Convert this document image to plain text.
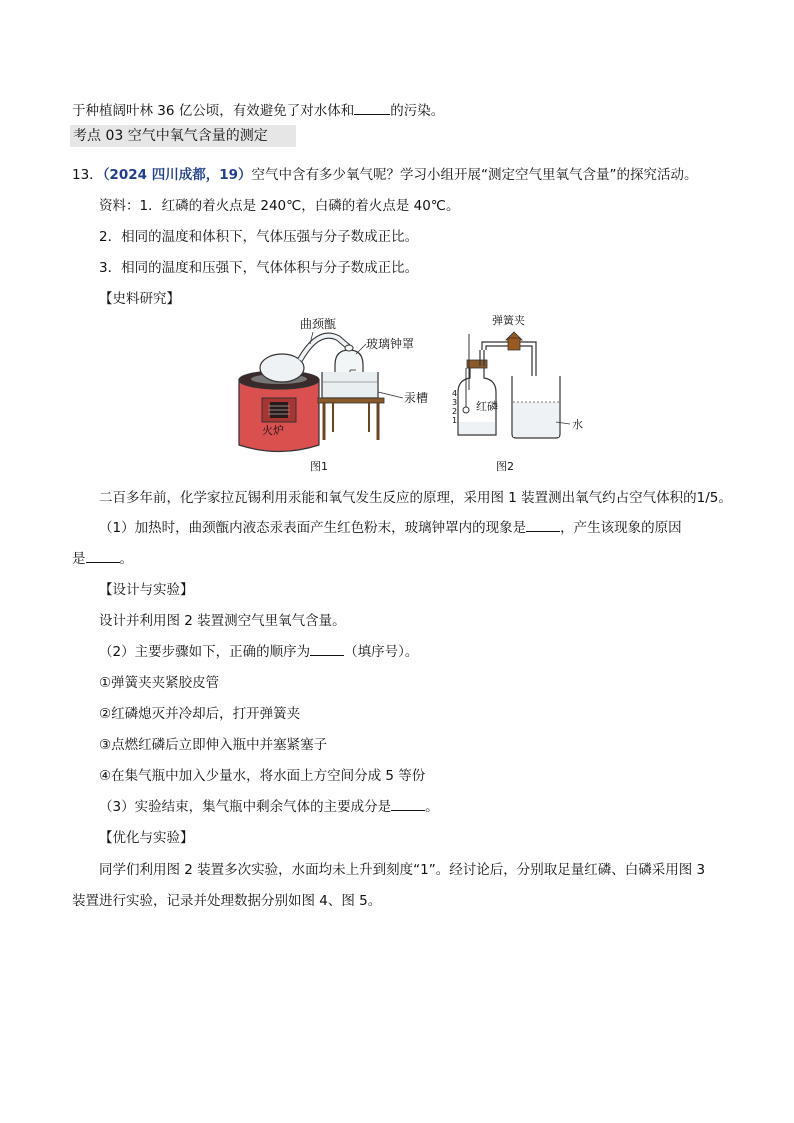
于种植阔叶林 36 亿公顷，有效避免了对水体和	的污染。
考点 03 空气中氧气含量的测定
13．（2024 四川成都，19）空气中含有多少氧气呢？学习小组开展“测定空气里氧气含量”的探究活动。
资料：1．红磷的着火点是 240℃，白磷的着火点是 40℃。
2．相同的温度和体积下，气体压强与分子数成正比。
3．相同的温度和压强下，气体体积与分子数成正比。
【史料研究】
火炉
曲颈甑
玻璃钟罩
汞槽
图1
4
3
2
1
弹簧夹
红磷
水
图2
二百多年前，化学家拉瓦锡利用汞能和氧气发生反应的原理，采用图 1 装置测出氧气约占空气体积的1/5。
（1）加热时，曲颈甑内液态汞表面产生红色粉末，玻璃钟罩内的现象是	，产生该现象的原因
是	。
【设计与实验】
设计并利用图 2 装置测空气里氧气含量。
（2）主要步骤如下，正确的顺序为	（填序号）。
①弹簧夹夹紧胶皮管
②红磷熄灭并冷却后，打开弹簧夹
③点燃红磷后立即伸入瓶中并塞紧塞子
④在集气瓶中加入少量水，将水面上方空间分成 5 等份
（3）实验结束，集气瓶中剩余气体的主要成分是	。
【优化与实验】
同学们利用图 2 装置多次实验，水面均未上升到刻度“1”。经讨论后，分别取足量红磷、白磷采用图 3
装置进行实验，记录并处理数据分别如图 4、图 5。
